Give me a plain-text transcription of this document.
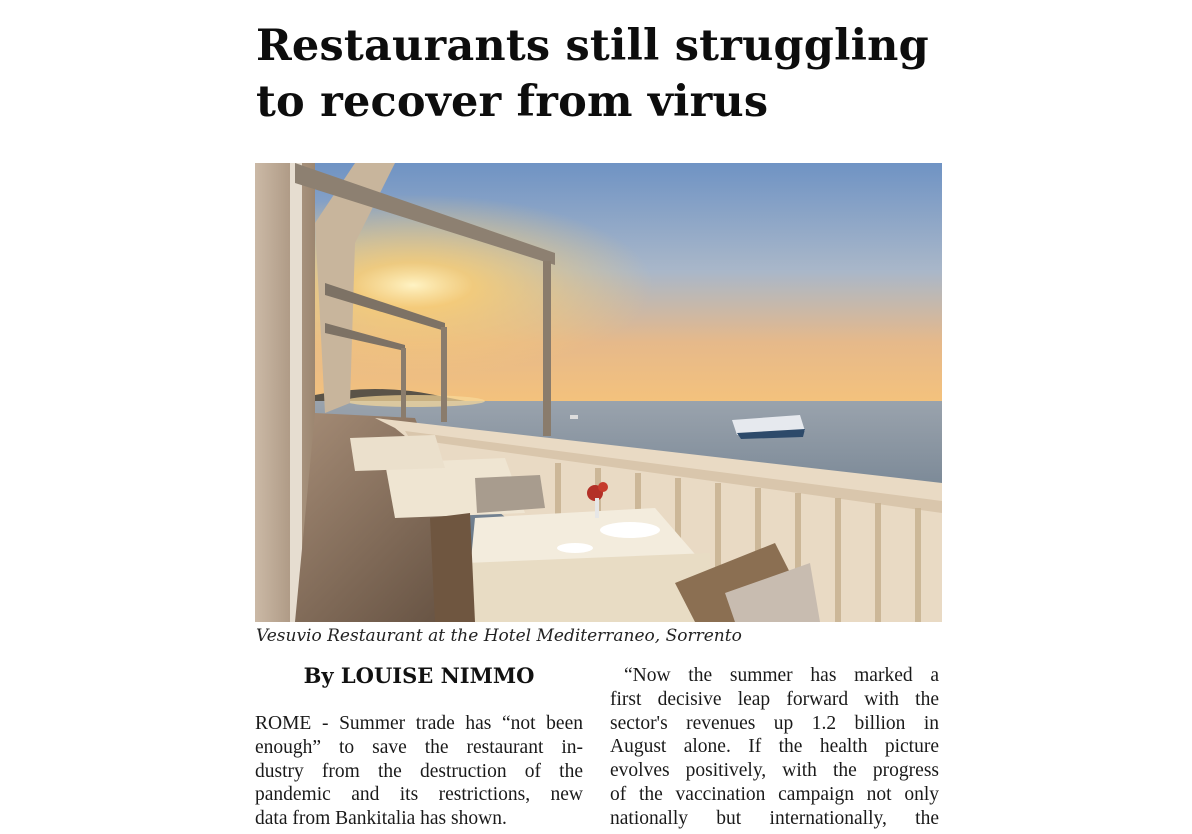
Restaurants still struggling
to recover from virus
Vesuvio Restaurant at the Hotel Mediterraneo, Sorrento
By LOUISE NIMMO
ROME - Summer trade has “not been
enough” to save the restaurant in-
dustry from the destruction of the
pandemic and its restrictions, new
data from Bankitalia has shown.
“Now the summer has marked a
first decisive leap forward with the
sector's revenues up 1.2 billion in
August alone. If the health picture
evolves positively, with the progress
of the vaccination campaign not only
nationally but internationally, the
